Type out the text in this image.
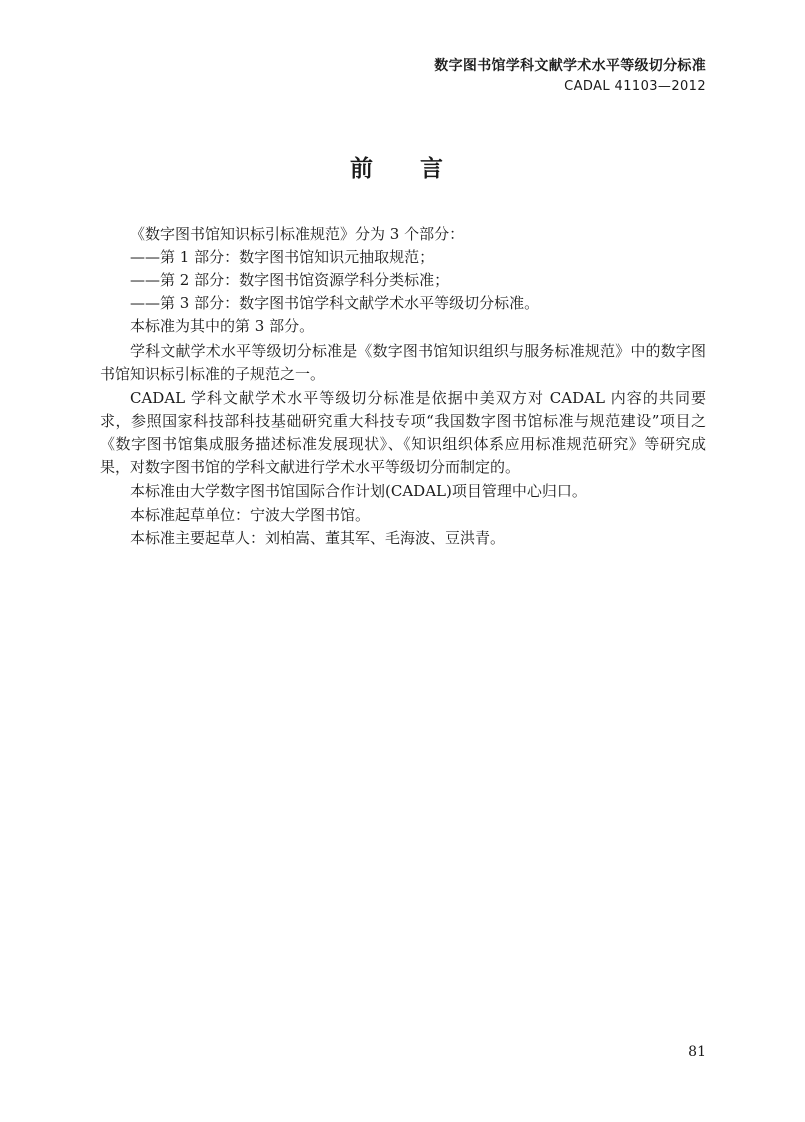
数字图书馆学科文献学术水平等级切分标准
CADAL 41103—2012
前　言
《数字图书馆知识标引标准规范》分为 3 个部分：
——第 1 部分：数字图书馆知识元抽取规范；
——第 2 部分：数字图书馆资源学科分类标准；
——第 3 部分：数字图书馆学科文献学术水平等级切分标准。
本标准为其中的第 3 部分。
学科文献学术水平等级切分标准是《数字图书馆知识组织与服务标准规范》中的数字图
书馆知识标引标准的子规范之一。
CADAL 学科文献学术水平等级切分标准是依据中美双方对 CADAL 内容的共同要
求，参照国家科技部科技基础研究重大科技专项“我国数字图书馆标准与规范建设”项目之
《数字图书馆集成服务描述标准发展现状》、《知识组织体系应用标准规范研究》等研究成
果，对数字图书馆的学科文献进行学术水平等级切分而制定的。
本标准由大学数字图书馆国际合作计划(CADAL)项目管理中心归口。
本标准起草单位：宁波大学图书馆。
本标准主要起草人：刘柏嵩、董其军、毛海波、豆洪青。
81
